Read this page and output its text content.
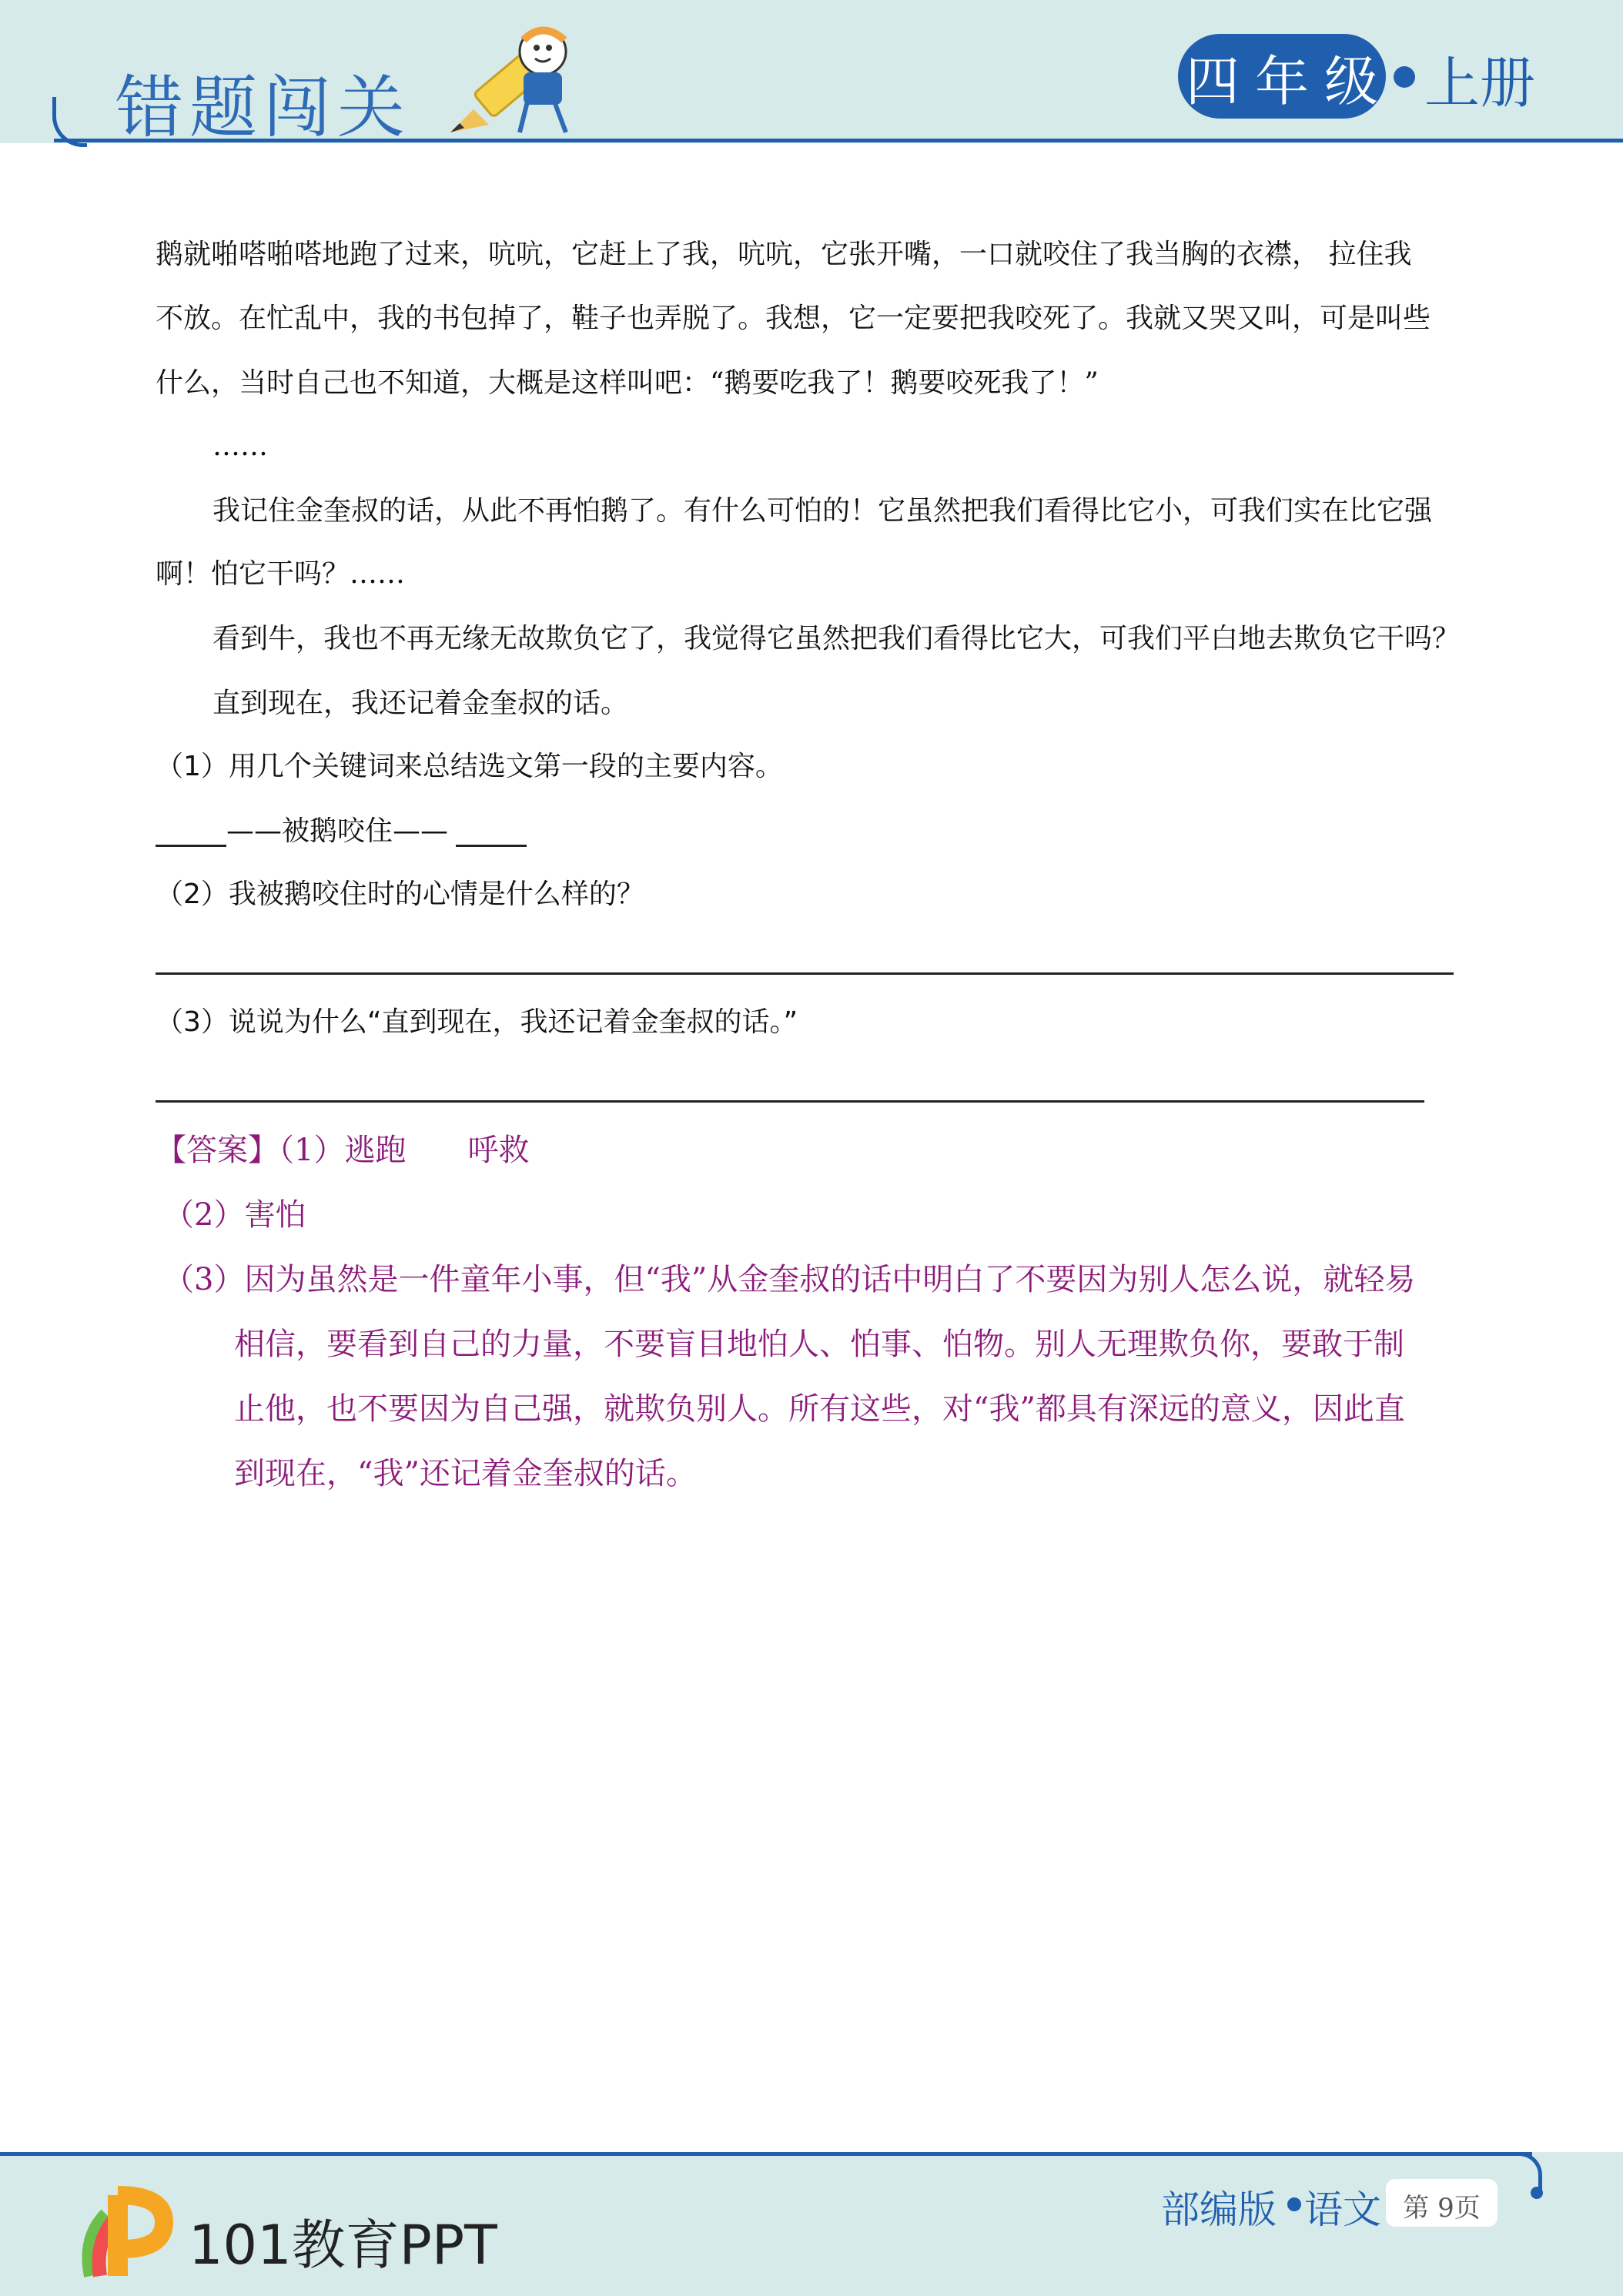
错题闯关	四 年 级 上册
鹅就啪嗒啪嗒地跑了过来，吭吭，它赶上了我，吭吭，它张开嘴，一口就咬住了我当胸的衣襟， 拉住我
不放。在忙乱中，我的书包掉了，鞋子也弄脱了。我想，它一定要把我咬死了。我就又哭又叫，可是叫些
什么，当时自己也不知道，大概是这样叫吧：“鹅要吃我了！鹅要咬死我了！”
……
我记住金奎叔的话，从此不再怕鹅了。有什么可怕的！它虽然把我们看得比它小，可我们实在比它强
啊！怕它干吗？……
看到牛，我也不再无缘无故欺负它了，我觉得它虽然把我们看得比它大，可我们平白地去欺负它干吗？
直到现在，我还记着金奎叔的话。
（1）用几个关键词来总结选文第一段的主要内容。
——被鹅咬住——
（2）我被鹅咬住时的心情是什么样的？
（3）说说为什么“直到现在，我还记着金奎叔的话。”
【答案】（1）逃跑　　呼救
（2）害怕
（3）因为虽然是一件童年小事，但“我”从金奎叔的话中明白了不要因为别人怎么说，就轻易
相信，要看到自己的力量，不要盲目地怕人、怕事、怕物。别人无理欺负你，要敢于制
止他，也不要因为自己强，就欺负别人。所有这些，对“我”都具有深远的意义，因此直
到现在，“我”还记着金奎叔的话。
101教育PPT
部编版 语文 第 9页
